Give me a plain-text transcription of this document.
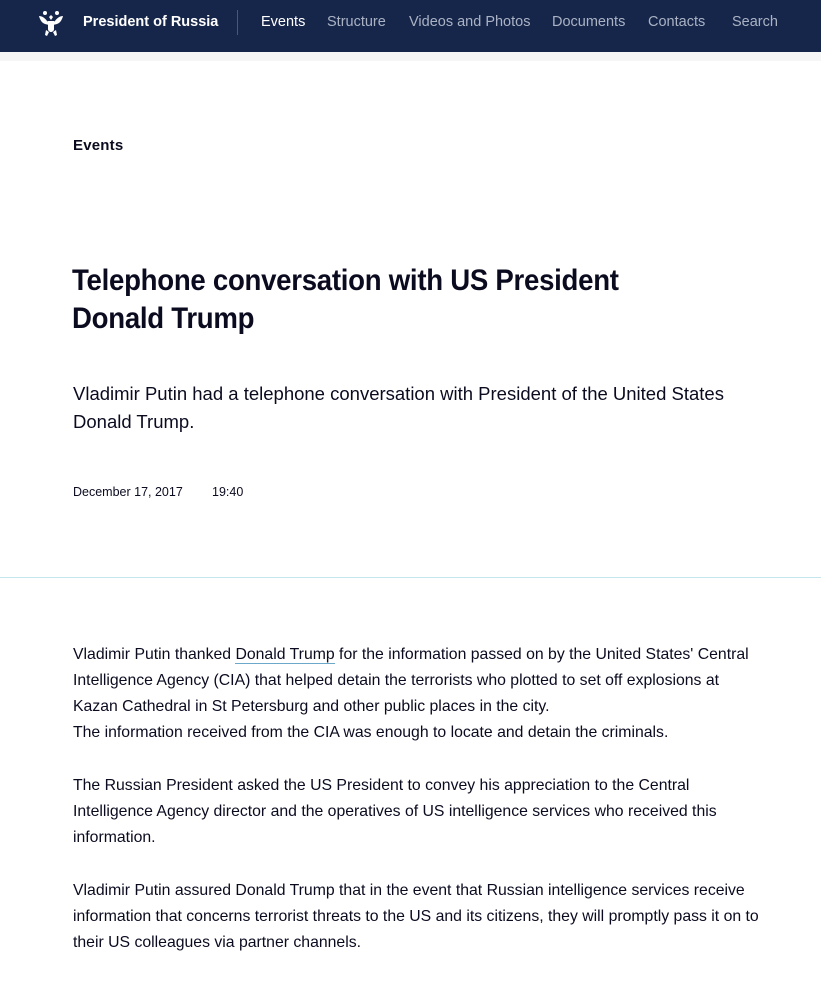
President of Russia	Events Structure Videos and Photos Documents Contacts Search
Events
Telephone conversation with US President Donald Trump
Vladimir Putin had a telephone conversation with President of the United States Donald Trump.
December 17, 2017 19:40

Vladimir Putin thanked Donald Trump for the information passed on by the United States' Central Intelligence Agency (CIA) that helped detain the terrorists who plotted to set off explosions at Kazan Cathedral in St Petersburg and other public places in the city.
The information received from the CIA was enough to locate and detain the criminals.

The Russian President asked the US President to convey his appreciation to the Central Intelligence Agency director and the operatives of US intelligence services who received this information.

Vladimir Putin assured Donald Trump that in the event that Russian intelligence services receive information that concerns terrorist threats to the US and its citizens, they will promptly pass it on to their US colleagues via partner channels.
